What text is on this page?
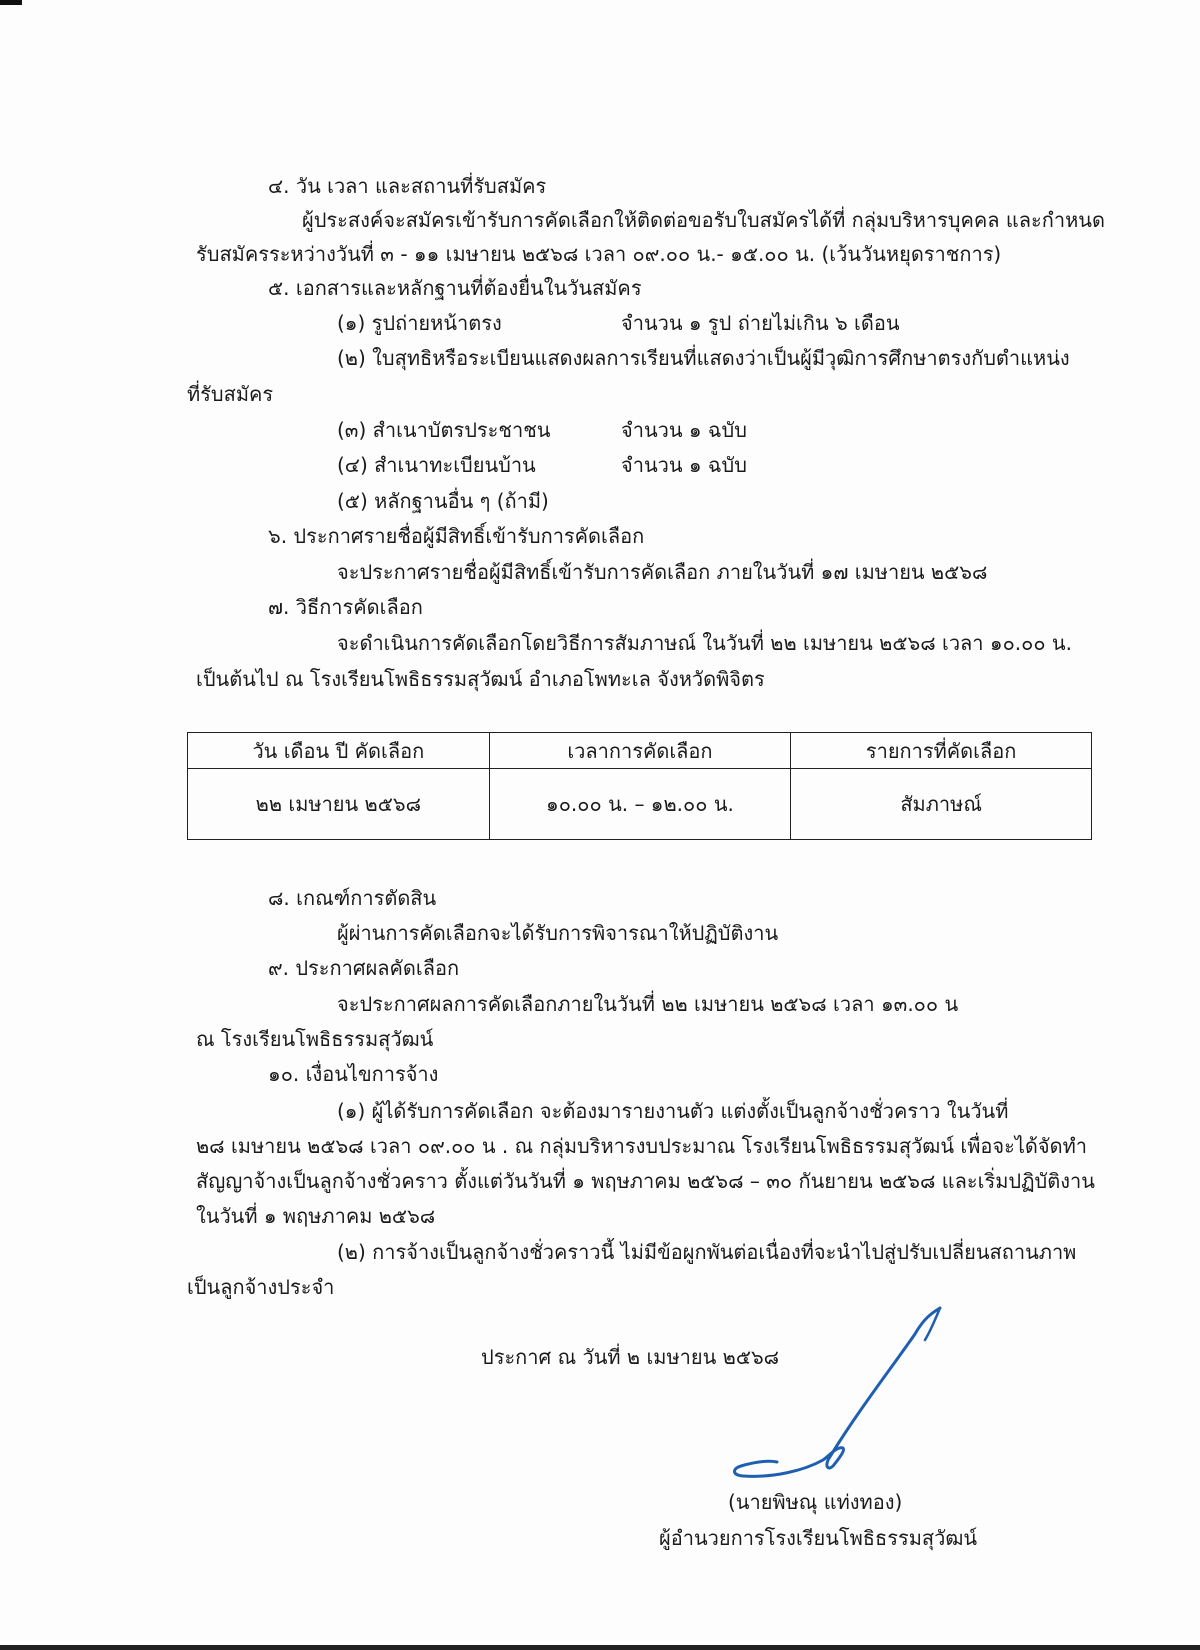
๔. วัน เวลา และสถานที่รับสมัคร
ผู้ประสงค์จะสมัครเข้ารับการคัดเลือกให้ติดต่อขอรับใบสมัครได้ที่ กลุ่มบริหารบุคคล และกำหนด
รับสมัครระหว่างวันที่ ๓ - ๑๑ เมษายน ๒๕๖๘ เวลา ๐๙.๐๐ น.- ๑๕.๐๐ น. (เว้นวันหยุดราชการ)
๕. เอกสารและหลักฐานที่ต้องยื่นในวันสมัคร
(๑) รูปถ่ายหน้าตรง	จำนวน ๑ รูป ถ่ายไม่เกิน ๖ เดือน
(๒) ใบสุทธิหรือระเบียนแสดงผลการเรียนที่แสดงว่าเป็นผู้มีวุฒิการศึกษาตรงกับตำแหน่ง
ที่รับสมัคร
(๓) สำเนาบัตรประชาชน	จำนวน ๑ ฉบับ
(๔) สำเนาทะเบียนบ้าน	จำนวน ๑ ฉบับ
(๕) หลักฐานอื่น ๆ (ถ้ามี)
๖. ประกาศรายชื่อผู้มีสิทธิ์เข้ารับการคัดเลือก
จะประกาศรายชื่อผู้มีสิทธิ์เข้ารับการคัดเลือก ภายในวันที่ ๑๗ เมษายน ๒๕๖๘
๗. วิธีการคัดเลือก
จะดำเนินการคัดเลือกโดยวิธีการสัมภาษณ์ ในวันที่ ๒๒ เมษายน ๒๕๖๘ เวลา ๑๐.๐๐ น.
เป็นต้นไป ณ โรงเรียนโพธิธรรมสุวัฒน์ อำเภอโพทะเล จังหวัดพิจิตร
วัน เดือน ปี คัดเลือก	เวลาการคัดเลือก	รายการที่คัดเลือก
๒๒ เมษายน ๒๕๖๘	๑๐.๐๐ น. – ๑๒.๐๐ น.	สัมภาษณ์
๘. เกณฑ์การตัดสิน
ผู้ผ่านการคัดเลือกจะได้รับการพิจารณาให้ปฏิบัติงาน
๙. ประกาศผลคัดเลือก
จะประกาศผลการคัดเลือกภายในวันที่ ๒๒ เมษายน ๒๕๖๘ เวลา ๑๓.๐๐ น
ณ โรงเรียนโพธิธรรมสุวัฒน์
๑๐. เงื่อนไขการจ้าง
(๑) ผู้ได้รับการคัดเลือก จะต้องมารายงานตัว แต่งตั้งเป็นลูกจ้างชั่วคราว ในวันที่
๒๘ เมษายน ๒๕๖๘ เวลา ๐๙.๐๐ น . ณ กลุ่มบริหารงบประมาณ โรงเรียนโพธิธรรมสุวัฒน์ เพื่อจะได้จัดทำ
สัญญาจ้างเป็นลูกจ้างชั่วคราว ตั้งแต่วันวันที่ ๑ พฤษภาคม ๒๕๖๘ – ๓๐ กันยายน ๒๕๖๘ และเริ่มปฏิบัติงาน
ในวันที่ ๑ พฤษภาคม ๒๕๖๘
(๒) การจ้างเป็นลูกจ้างชั่วคราวนี้ ไม่มีข้อผูกพันต่อเนื่องที่จะนำไปสู่ปรับเปลี่ยนสถานภาพ
เป็นลูกจ้างประจำ
ประกาศ ณ วันที่ ๒ เมษายน ๒๕๖๘
(นายพิษณุ แท่งทอง)
ผู้อำนวยการโรงเรียนโพธิธรรมสุวัฒน์
